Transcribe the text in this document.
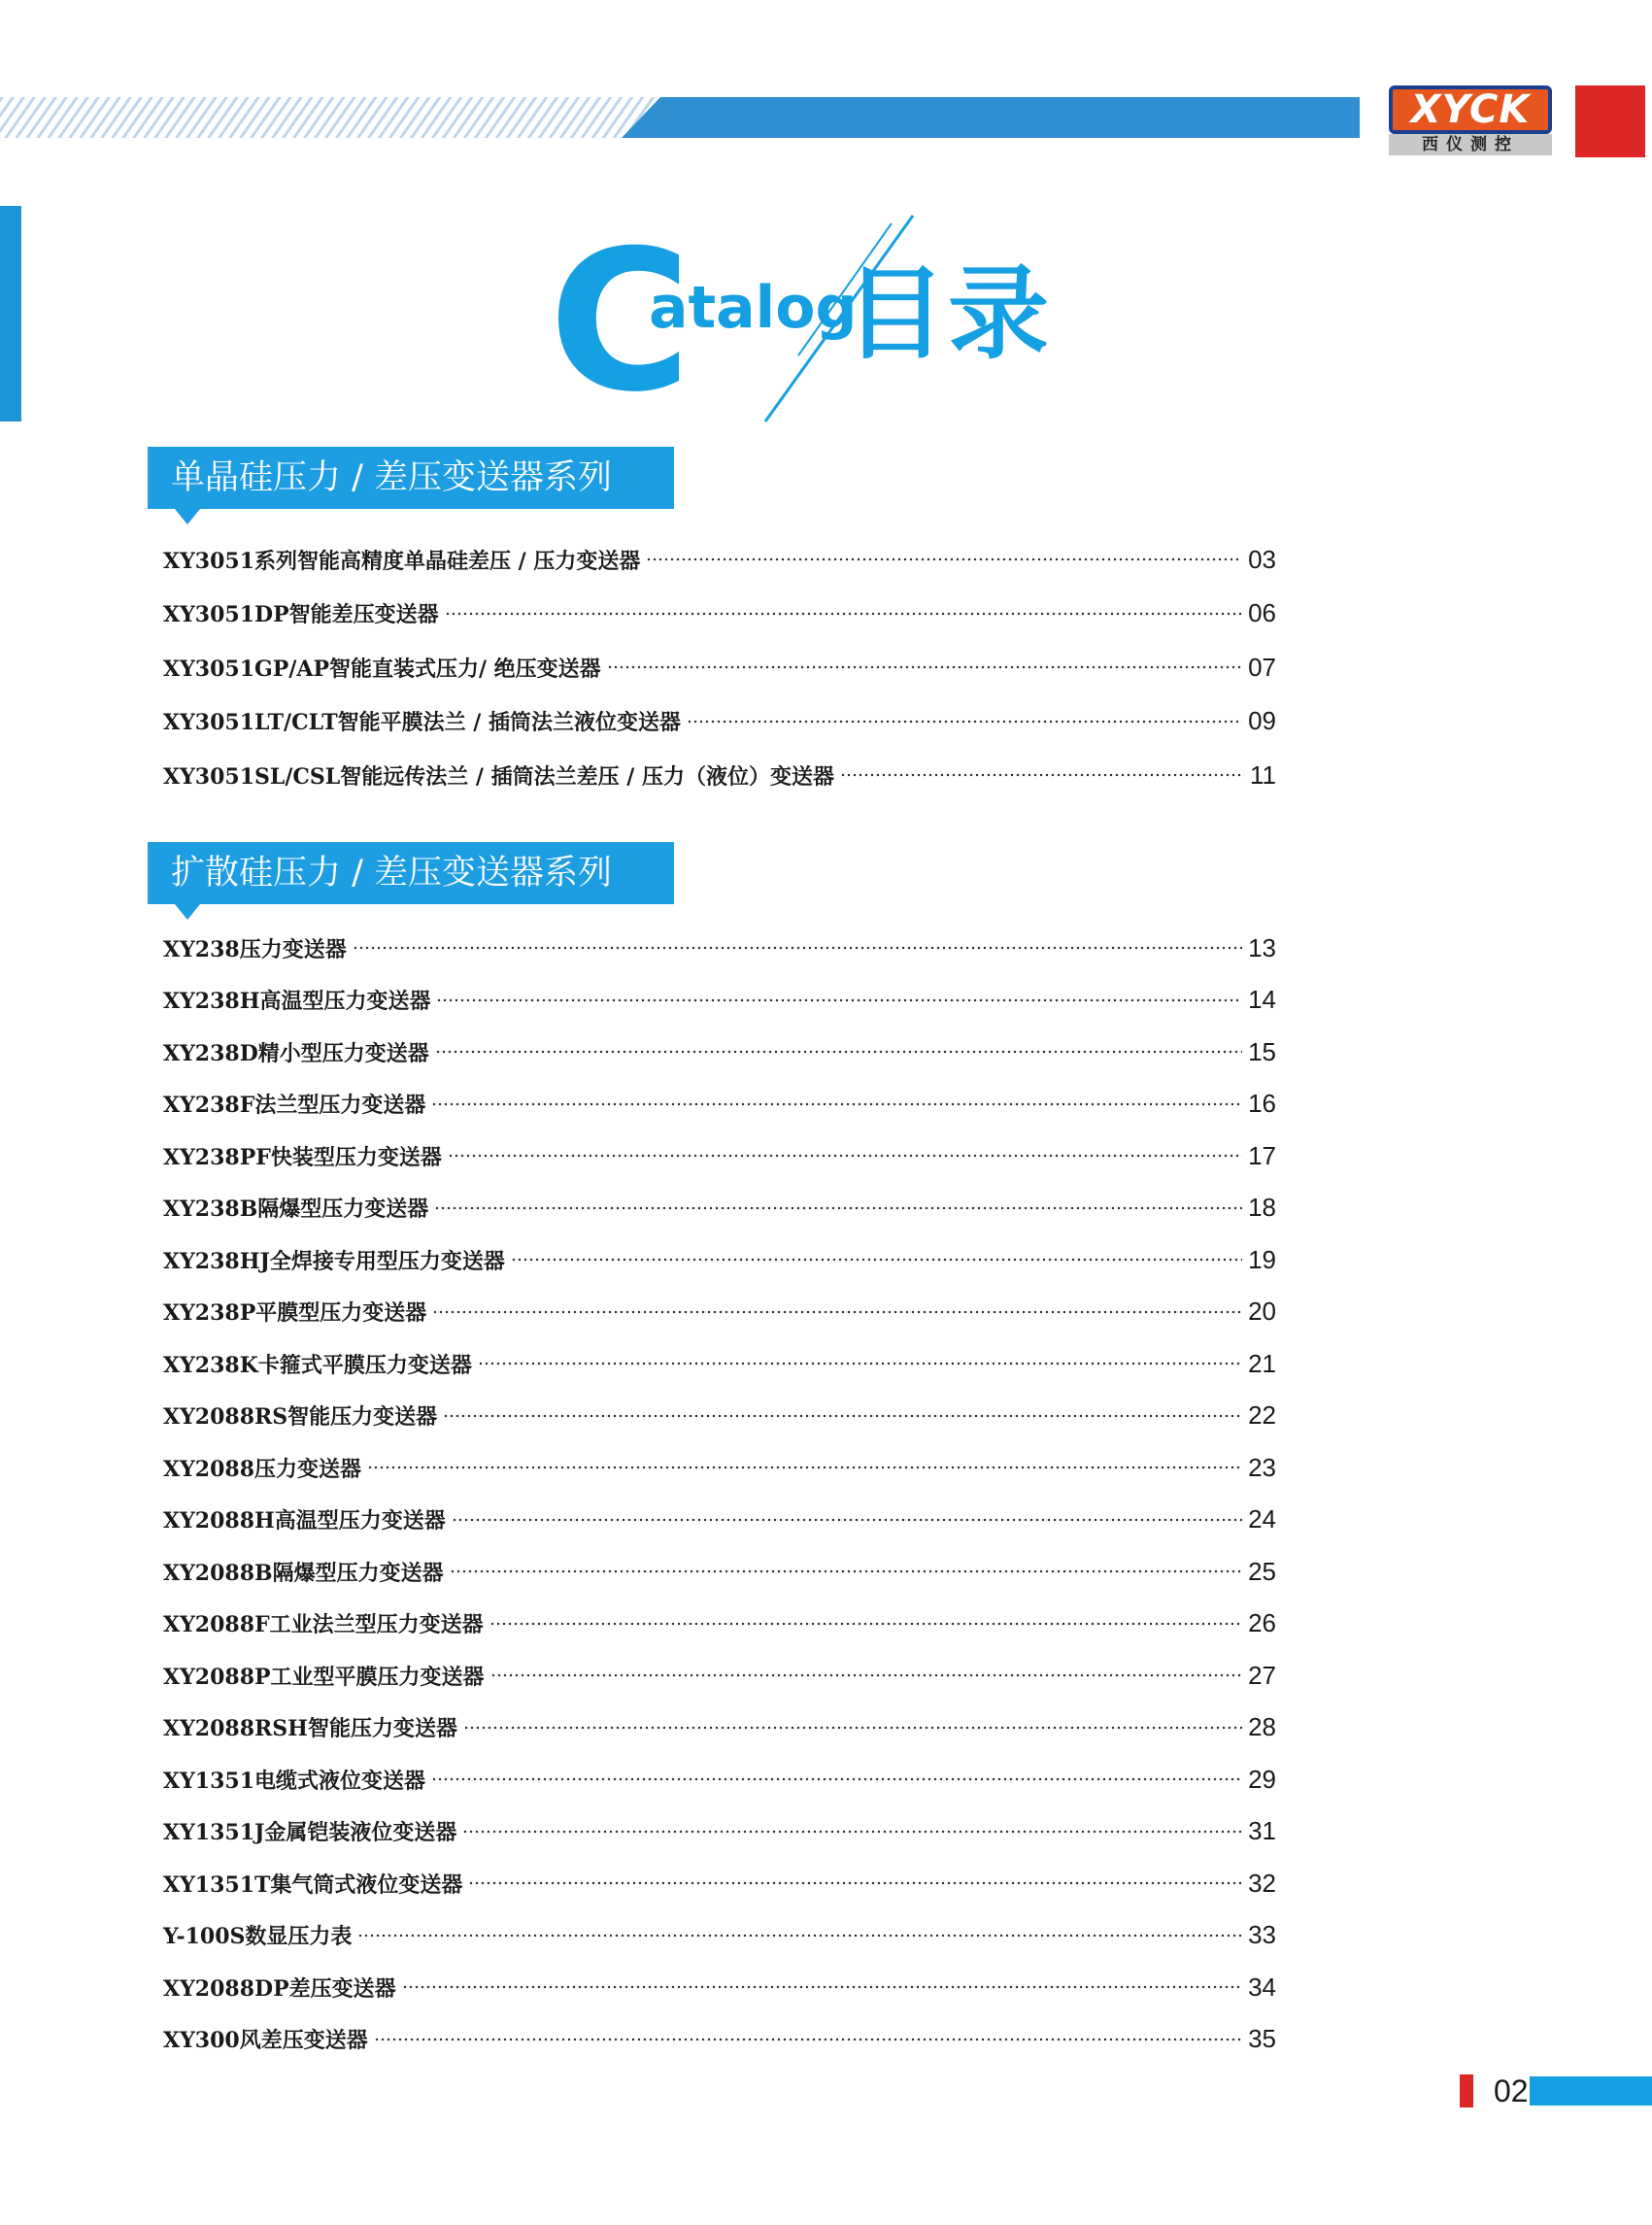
XYCK
西仪测控
C
atalog
目录
单晶硅压力 / 差压变送器系列
XY3051系列智能高精度单晶硅差压 / 压力变送器	03
XY3051DP智能差压变送器	06
XY3051GP/AP智能直装式压力/ 绝压变送器	07
XY3051LT/CLT智能平膜法兰 / 插筒法兰液位变送器	09
XY3051SL/CSL智能远传法兰 / 插筒法兰差压 / 压力（液位）变送器	11
扩散硅压力 / 差压变送器系列
XY238压力变送器	13
XY238H高温型压力变送器	14
XY238D精小型压力变送器	15
XY238F法兰型压力变送器	16
XY238PF快装型压力变送器	17
XY238B隔爆型压力变送器	18
XY238HJ全焊接专用型压力变送器	19
XY238P平膜型压力变送器	20
XY238K卡箍式平膜压力变送器	21
XY2088RS智能压力变送器	22
XY2088压力变送器	23
XY2088H高温型压力变送器	24
XY2088B隔爆型压力变送器	25
XY2088F工业法兰型压力变送器	26
XY2088P工业型平膜压力变送器	27
XY2088RSH智能压力变送器	28
XY1351电缆式液位变送器	29
XY1351J金属铠装液位变送器	31
XY1351T集气筒式液位变送器	32
Y-100S数显压力表	33
XY2088DP差压变送器	34
XY300风差压变送器	35
02
